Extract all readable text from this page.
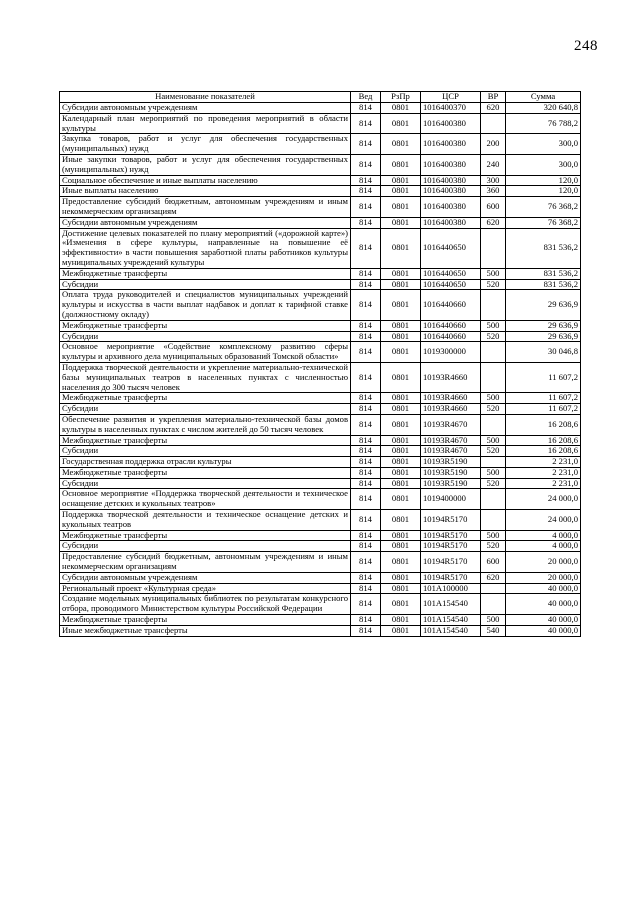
248
Наименование показателей	Вед	РзПр	ЦСР	ВР	Сумма
Субсидии автономным учреждениям	814	0801	1016400370	620	320 640,8
Календарный план мероприятий по проведения мероприятий в области культуры	814	0801	1016400380		76 788,2
Закупка товаров, работ и услуг для обеспечения государственных (муниципальных) нужд	814	0801	1016400380	200	300,0
Иные закупки товаров, работ и услуг для обеспечения государственных (муниципальных) нужд	814	0801	1016400380	240	300,0
Социальное обеспечение и иные выплаты населению	814	0801	1016400380	300	120,0
Иные выплаты населению	814	0801	1016400380	360	120,0
Предоставление субсидий бюджетным, автономным учреждениям и иным некоммерческим организациям	814	0801	1016400380	600	76 368,2
Субсидии автономным учреждениям	814	0801	1016400380	620	76 368,2
Достижение целевых показателей по плану мероприятий («дорожной карте») «Изменения в сфере культуры, направленные на повышение её эффективности» в части повышения заработной платы работников культуры муниципальных учреждений культуры	814	0801	1016440650		831 536,2
Межбюджетные трансферты	814	0801	1016440650	500	831 536,2
Субсидии	814	0801	1016440650	520	831 536,2
Оплата труда руководителей и специалистов муниципальных учреждений культуры и искусства в части выплат надбавок и доплат к тарифной ставке (должностному окладу)	814	0801	1016440660		29 636,9
Межбюджетные трансферты	814	0801	1016440660	500	29 636,9
Субсидии	814	0801	1016440660	520	29 636,9
Основное мероприятие «Содействие комплексному развитию сферы культуры и архивного дела муниципальных образований Томской области»	814	0801	1019300000		30 046,8
Поддержка творческой деятельности и укрепление материально-технической базы муниципальных театров в населенных пунктах с численностью населения до 300 тысяч человек	814	0801	10193R4660		11 607,2
Межбюджетные трансферты	814	0801	10193R4660	500	11 607,2
Субсидии	814	0801	10193R4660	520	11 607,2
Обеспечение развития и укрепления материально-технической базы домов культуры в населенных пунктах с числом жителей до 50 тысяч человек	814	0801	10193R4670		16 208,6
Межбюджетные трансферты	814	0801	10193R4670	500	16 208,6
Субсидии	814	0801	10193R4670	520	16 208,6
Государственная поддержка отрасли культуры	814	0801	10193R5190		2 231,0
Межбюджетные трансферты	814	0801	10193R5190	500	2 231,0
Субсидии	814	0801	10193R5190	520	2 231,0
Основное мероприятие «Поддержка творческой деятельности и техническое оснащение детских и кукольных театров»	814	0801	1019400000		24 000,0
Поддержка творческой деятельности и техническое оснащение детских и кукольных театров	814	0801	10194R5170		24 000,0
Межбюджетные трансферты	814	0801	10194R5170	500	4 000,0
Субсидии	814	0801	10194R5170	520	4 000,0
Предоставление субсидий бюджетным, автономным учреждениям и иным некоммерческим организациям	814	0801	10194R5170	600	20 000,0
Субсидии автономным учреждениям	814	0801	10194R5170	620	20 000,0
Региональный проект «Культурная среда»	814	0801	101A100000		40 000,0
Создание модельных муниципальных библиотек по результатам конкурсного отбора, проводимого Министерством культуры Российской Федерации	814	0801	101A154540		40 000,0
Межбюджетные трансферты	814	0801	101A154540	500	40 000,0
Иные межбюджетные трансферты	814	0801	101A154540	540	40 000,0
